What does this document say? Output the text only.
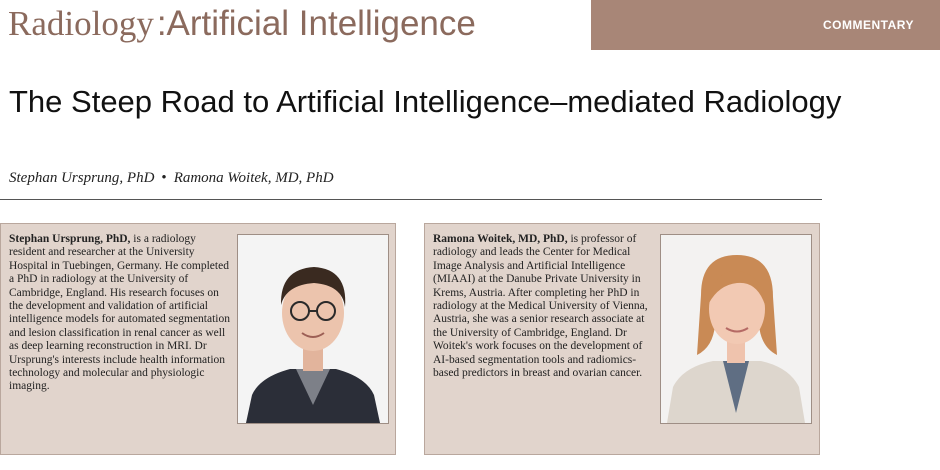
Radiology:Artificial Intelligence	COMMENTARY
The Steep Road to Artificial Intelligence–mediated Radiology
Stephan Ursprung, PhD • Ramona Woitek, MD, PhD

Stephan Ursprung, PhD, is a radiology resident and researcher at the University Hospital in Tuebingen, Germany. He completed a PhD in radiology at the University of Cambridge, England. His research focuses on the development and validation of artificial intelligence models for automated segmentation and lesion classification in renal cancer as well as deep learning reconstruction in MRI. Dr Ursprung's interests include health information technology and molecular and physiologic imaging.

Ramona Woitek, MD, PhD, is professor of radiology and leads the Center for Medical Image Analysis and Artificial Intelligence (MIAAI) at the Danube Private University in Krems, Austria. After completing her PhD in radiology at the Medical University of Vienna, Austria, she was a senior research associate at the University of Cambridge, England. Dr Woitek's work focuses on the development of AI-based segmentation tools and radiomics-based predictors in breast and ovarian cancer.
